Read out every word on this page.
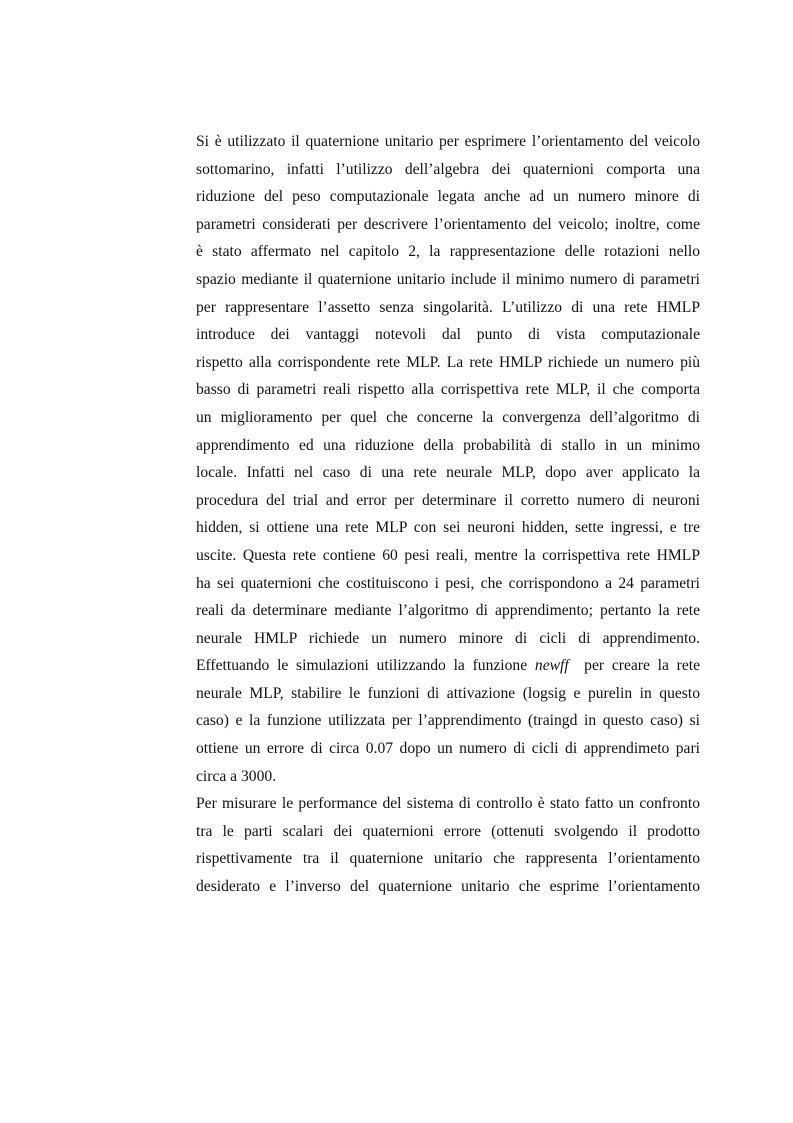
Si è utilizzato il quaternione unitario per esprimere l’orientamento del veicolo
sottomarino, infatti l’utilizzo dell’algebra dei quaternioni comporta una
riduzione del peso computazionale legata anche ad un numero minore di
parametri considerati per descrivere l’orientamento del veicolo; inoltre, come
è stato affermato nel capitolo 2, la rappresentazione delle rotazioni nello
spazio mediante il quaternione unitario include il minimo numero di parametri
per rappresentare l’assetto senza singolarità. L’utilizzo di una rete HMLP
introduce dei vantaggi notevoli dal punto di vista computazionale
rispetto alla corrispondente rete MLP. La rete HMLP richiede un numero più
basso di parametri reali rispetto alla corrispettiva rete MLP, il che comporta
un miglioramento per quel che concerne la convergenza dell’algoritmo di
apprendimento ed una riduzione della probabilità di stallo in un minimo
locale. Infatti nel caso di una rete neurale MLP, dopo aver applicato la
procedura del trial and error per determinare il corretto numero di neuroni
hidden, si ottiene una rete MLP con sei neuroni hidden, sette ingressi, e tre
uscite. Questa rete contiene 60 pesi reali, mentre la corrispettiva rete HMLP
ha sei quaternioni che costituiscono i pesi, che corrispondono a 24 parametri
reali da determinare mediante l’algoritmo di apprendimento; pertanto la rete
neurale HMLP richiede un numero minore di cicli di apprendimento.
Effettuando le simulazioni utilizzando la funzione newff per creare la rete
neurale MLP, stabilire le funzioni di attivazione (logsig e purelin in questo
caso) e la funzione utilizzata per l’apprendimento (traingd in questo caso) si
ottiene un errore di circa 0.07 dopo un numero di cicli di apprendimeto pari
circa a 3000.
Per misurare le performance del sistema di controllo è stato fatto un confronto
tra le parti scalari dei quaternioni errore (ottenuti svolgendo il prodotto
rispettivamente tra il quaternione unitario che rappresenta l’orientamento
desiderato e l’inverso del quaternione unitario che esprime l’orientamento
